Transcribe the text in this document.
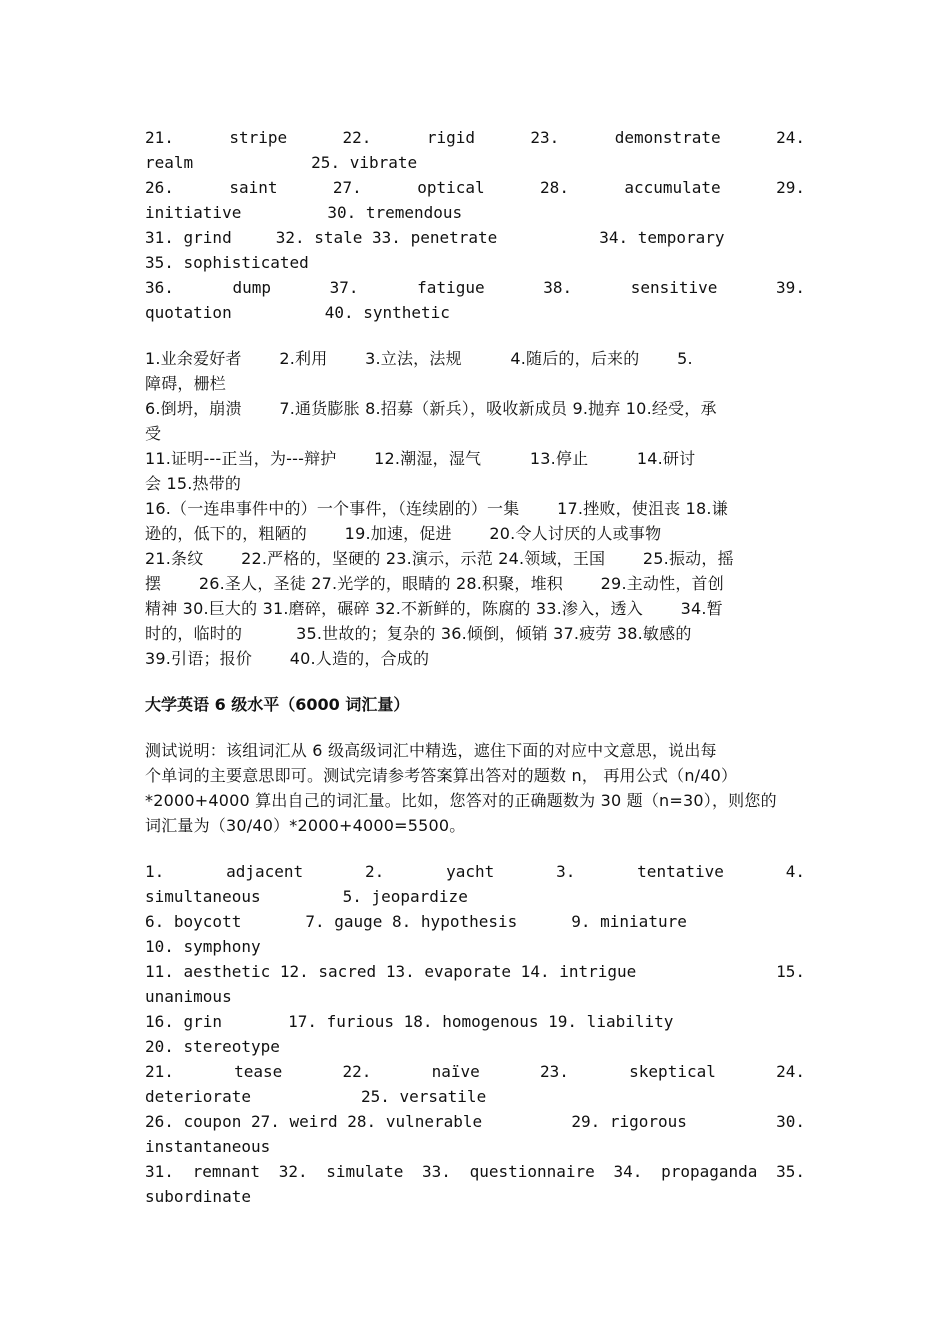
21.	stripe	22.	rigid	23.	demonstrate	24.
realm	25. vibrate
26.	saint	27.	optical	28.	accumulate	29.
initiative	30. tremendous
31. grind	32. stale 33. penetrate	34. temporary
35. sophisticated
36.	dump	37.	fatigue	38.	sensitive	39.
quotation	40. synthetic
1.业余爱好者　　 2.利用　　 3.立法，法规　　　4.随后的，后来的　　 5.
障碍，栅栏
6.倒坍，崩溃　　 7.通货膨胀 8.招募（新兵），吸收新成员 9.抛弃 10.经受，承
受
11.证明---正当，为---辩护　　 12.潮湿，湿气　　　13.停止　　　14.研讨
会 15.热带的
16.（一连串事件中的）一个事件，（连续剧的）一集　　 17.挫败，使沮丧 18.谦
逊的，低下的，粗陋的　　 19.加速，促进　　 20.令人讨厌的人或事物
21.条纹　　 22.严格的，坚硬的 23.演示，示范 24.领域，王国　　 25.振动，摇
摆　　 26.圣人，圣徒 27.光学的，眼睛的 28.积聚，堆积　　 29.主动性，首创
精神 30.巨大的 31.磨碎，碾碎 32.不新鲜的，陈腐的 33.渗入，透入　　 34.暂
时的，临时的　　　 35.世故的；复杂的 36.倾倒，倾销 37.疲劳 38.敏感的
39.引语；报价　　 40.人造的，合成的
大学英语 6 级水平（6000 词汇量）
测试说明：该组词汇从 6 级高级词汇中精选，遮住下面的对应中文意思，说出每
个单词的主要意思即可。测试完请参考答案算出答对的题数 n， 再用公式（n/40）
*2000+4000 算出自己的词汇量。比如，您答对的正确题数为 30 题（n=30），则您的
词汇量为（30/40）*2000+4000=5500。
1.	adjacent	2.	yacht	3.	tentative	4.
simultaneous	5. jeopardize
6. boycott	7. gauge 8. hypothesis	9. miniature
10. symphony
11. aesthetic 12. sacred 13. evaporate 14. intrigue	15.
unanimous
16. grin	17. furious 18. homogenous 19. liability
20. stereotype
21.	tease	22.	naïve	23.	skeptical	24.
deteriorate	25. versatile
26. coupon 27. weird 28. vulnerable	29. rigorous	30.
instantaneous
31. remnant 32. simulate 33. questionnaire 34. propaganda 35.
subordinate
